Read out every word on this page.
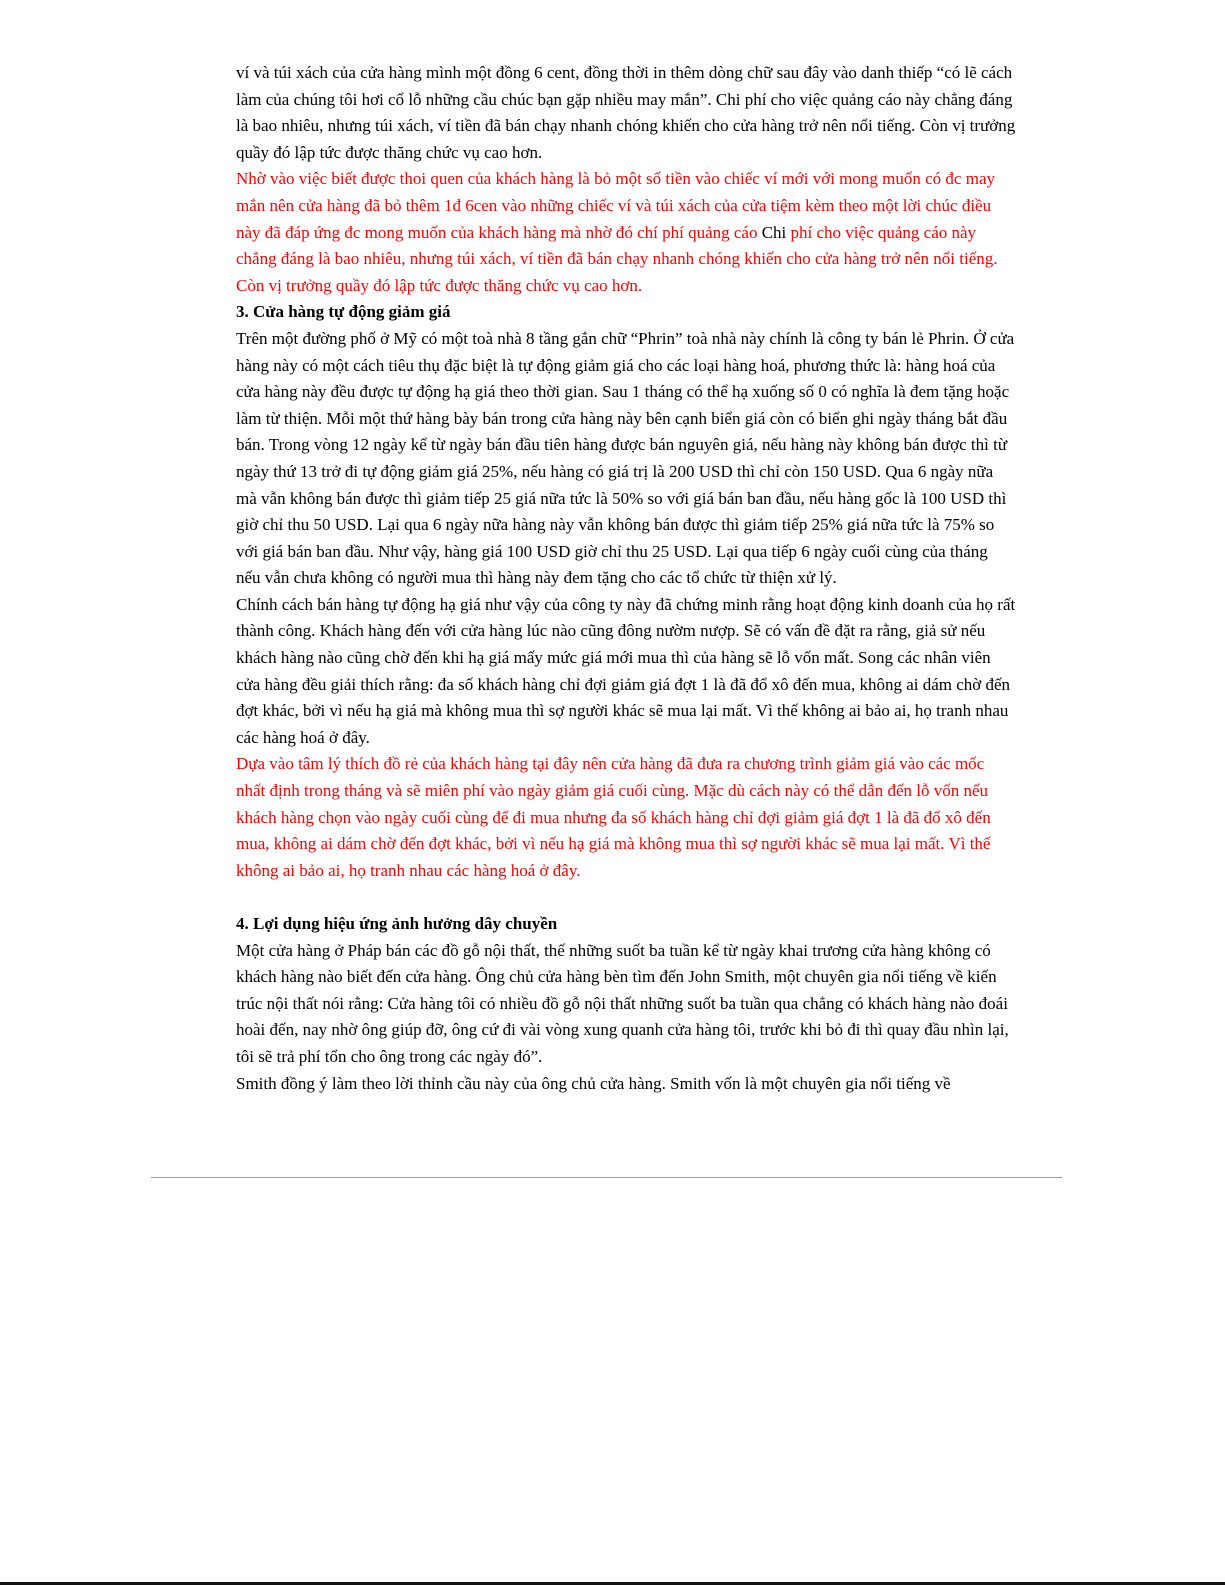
ví và túi xách của cửa hàng mình một đồng 6 cent, đồng thời in thêm dòng chữ sau đây vào danh thiếp “có lẽ cách làm của chúng tôi hơi cổ lỗ những cầu chúc bạn gặp nhiều may mắn”. Chi phí cho việc quảng cáo này chẳng đáng là bao nhiêu, nhưng túi xách, ví tiền đã bán chạy nhanh chóng khiến cho cửa hàng trở nên nổi tiếng. Còn vị trưởng quầy đó lập tức được thăng chức vụ cao hơn.

Nhờ vào việc biết được thoi quen của khách hàng là bỏ một số tiền vào chiếc ví mới với mong muốn có đc may mắn nên cửa hàng đã bỏ thêm 1đ 6cen vào những chiếc ví và túi xách của cửa tiệm kèm theo một lời chúc điều này đã đáp ứng đc mong muốn của khách hàng mà nhờ đó chí phí quảng cáo Chi phí cho việc quảng cáo này chẳng đáng là bao nhiêu, nhưng túi xách, ví tiền đã bán chạy nhanh chóng khiến cho cửa hàng trở nên nổi tiếng. Còn vị trưởng quầy đó lập tức được thăng chức vụ cao hơn.

3. Cửa hàng tự động giảm giá

Trên một đường phố ở Mỹ có một toà nhà 8 tầng gắn chữ “Phrin” toà nhà này chính là công ty bán lẻ Phrin. Ở cửa hàng này có một cách tiêu thụ đặc biệt là tự động giảm giá cho các loại hàng hoá, phương thức là: hàng hoá của cửa hàng này đều được tự động hạ giá theo thời gian. Sau 1 tháng có thể hạ xuống số 0 có nghĩa là đem tặng hoặc làm từ thiện. Mỗi một thứ hàng bày bán trong cửa hàng này bên cạnh biển giá còn có biển ghi ngày tháng bắt đầu bán. Trong vòng 12 ngày kể từ ngày bán đầu tiên hàng được bán nguyên giá, nếu hàng này không bán được thì từ ngày thứ 13 trở đi tự động giảm giá 25%, nếu hàng có giá trị là 200 USD thì chỉ còn 150 USD. Qua 6 ngày nữa mà vẫn không bán được thì giảm tiếp 25 giá nữa tức là 50% so với giá bán ban đầu, nếu hàng gốc là 100 USD thì giờ chỉ thu 50 USD. Lại qua 6 ngày nữa hàng này vẫn không bán được thì giảm tiếp 25% giá nữa tức là 75% so với giá bán ban đầu. Như vậy, hàng giá 100 USD giờ chỉ thu 25 USD. Lại qua tiếp 6 ngày cuối cùng của tháng nếu vẫn chưa không có người mua thì hàng này đem tặng cho các tổ chức từ thiện xử lý.

Chính cách bán hàng tự động hạ giá như vậy của công ty này đã chứng minh rằng hoạt động kinh doanh của họ rất thành công. Khách hàng đến với cửa hàng lúc nào cũng đông nườm nượp. Sẽ có vấn đề đặt ra rằng, giả sử nếu khách hàng nào cũng chờ đến khi hạ giá mấy mức giá mới mua thì của hàng sẽ lỗ vốn mất. Song các nhân viên cửa hàng đều giải thích rằng: đa số khách hàng chỉ đợi giảm giá đợt 1 là đã đổ xô đến mua, không ai dám chờ đến đợt khác, bởi vì nếu hạ giá mà không mua thì sợ người khác sẽ mua lại mất. Vì thế không ai bảo ai, họ tranh nhau các hàng hoá ở đây.

Dựa vào tâm lý thích đồ rẻ của khách hàng tại đây nên cửa hàng đã đưa ra chương trình giảm giá vào các mốc nhất định trong tháng và sẽ miên phí vào ngày giảm giá cuối cùng. Mặc dù cách này có thể dẫn đến lỗ vốn nếu khách hàng chọn vào ngày cuối cùng để đi mua nhưng đa số khách hàng chỉ đợi giảm giá đợt 1 là đã đổ xô đến mua, không ai dám chờ đến đợt khác, bởi vì nếu hạ giá mà không mua thì sợ người khác sẽ mua lại mất. Vì thế không ai bảo ai, họ tranh nhau các hàng hoá ở đây.

4. Lợi dụng hiệu ứng ảnh hưởng dây chuyền

Một cửa hàng ở Pháp bán các đồ gỗ nội thất, thế những suốt ba tuần kể từ ngày khai trương cửa hàng không có khách hàng nào biết đến cửa hàng. Ông chủ cửa hàng bèn tìm đến John Smith, một chuyên gia nổi tiếng về kiến trúc nội thất nói rằng: Cửa hàng tôi có nhiều đồ gỗ nội thất những suốt ba tuần qua chẳng có khách hàng nào đoái hoài đến, nay nhờ ông giúp đỡ, ông cứ đi vài vòng xung quanh cửa hàng tôi, trước khi bỏ đi thì quay đầu nhìn lại, tôi sẽ trả phí tổn cho ông trong các ngày đó”.

Smith đồng ý làm theo lời thỉnh cầu này của ông chủ cửa hàng. Smith vốn là một chuyên gia nổi tiếng về
